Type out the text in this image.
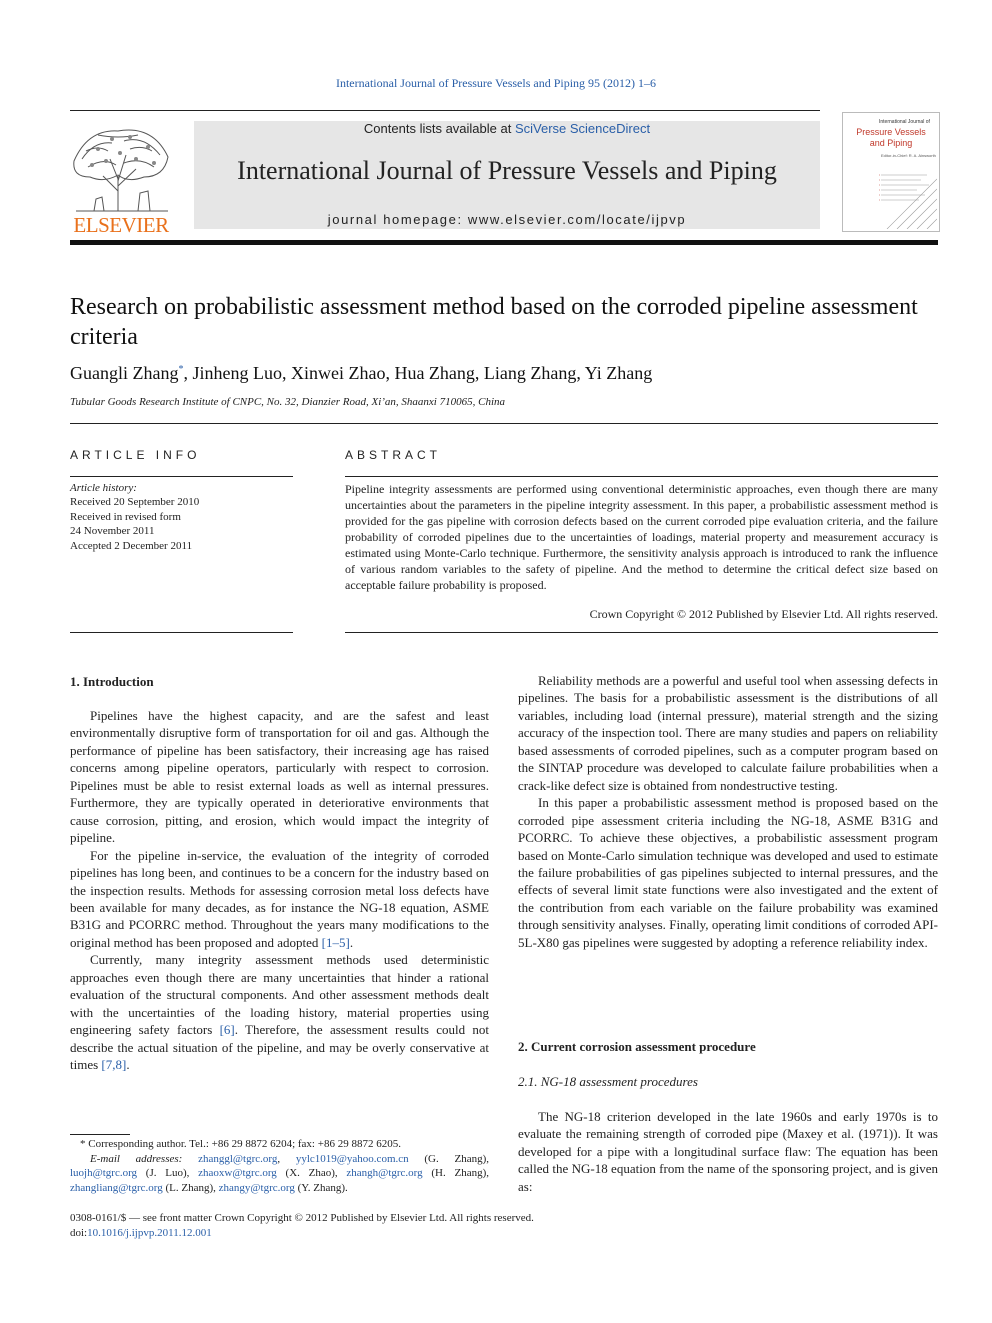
International Journal of Pressure Vessels and Piping 95 (2012) 1–6
ELSEVIER
Contents lists available at SciVerse ScienceDirect
International Journal of Pressure Vessels and Piping
journal homepage: www.elsevier.com/locate/ijpvp
International Journal of
Pressure Vessels and Piping
Editor-in-Chief: R. A. Ainsworth
Research on probabilistic assessment method based on the corroded pipeline assessment criteria
Guangli Zhang*, Jinheng Luo, Xinwei Zhao, Hua Zhang, Liang Zhang, Yi Zhang
Tubular Goods Research Institute of CNPC, No. 32, Dianzier Road, Xi’an, Shaanxi 710065, China
ARTICLE INFO	ABSTRACT
Article history:
Received 20 September 2010
Received in revised form
24 November 2011
Accepted 2 December 2011
Pipeline integrity assessments are performed using conventional deterministic approaches, even though there are many uncertainties about the parameters in the pipeline integrity assessment. In this paper, a probabilistic assessment method is provided for the gas pipeline with corrosion defects based on the current corroded pipe evaluation criteria, and the failure probability of corroded pipelines due to the uncertainties of loadings, material property and measurement accuracy is estimated using Monte-Carlo technique. Furthermore, the sensitivity analysis approach is introduced to rank the influence of various random variables to the safety of pipeline. And the method to determine the critical defect size based on acceptable failure probability is proposed.
Crown Copyright © 2012 Published by Elsevier Ltd. All rights reserved.
1. Introduction

Pipelines have the highest capacity, and are the safest and least environmentally disruptive form of transportation for oil and gas. Although the performance of pipeline has been satisfactory, their increasing age has raised concerns among pipeline operators, particularly with respect to corrosion. Pipelines must be able to resist external loads as well as internal pressures. Furthermore, they are typically operated in deteriorative environments that cause corrosion, pitting, and erosion, which would impact the integrity of pipeline.

For the pipeline in-service, the evaluation of the integrity of corroded pipelines has long been, and continues to be a concern for the industry based on the inspection results. Methods for assessing corrosion metal loss defects have been available for many decades, as for instance the NG-18 equation, ASME B31G and PCORRC method. Throughout the years many modifications to the original method has been proposed and adopted [1–5].

Currently, many integrity assessment methods used deterministic approaches even though there are many uncertainties that hinder a rational evaluation of the structural components. And other assessment methods dealt with the uncertainties of the loading history, material properties using engineering safety factors [6]. Therefore, the assessment results could not describe the actual situation of the pipeline, and may be overly conservative at times [7,8].

Reliability methods are a powerful and useful tool when assessing defects in pipelines. The basis for a probabilistic assessment is the distributions of all variables, including load (internal pressure), material strength and the sizing accuracy of the inspection tool. There are many studies and papers on reliability based assessments of corroded pipelines, such as a computer program based on the SINTAP procedure was developed to calculate failure probabilities when a crack-like defect size is obtained from nondestructive testing.

In this paper a probabilistic assessment method is proposed based on the corroded pipe assessment criteria including the NG-18, ASME B31G and PCORRC. To achieve these objectives, a probabilistic assessment program based on Monte-Carlo simulation technique was developed and used to estimate the failure probabilities of gas pipelines subjected to internal pressures, and the effects of several limit state functions were also investigated and the extent of the contribution from each variable on the failure probability was examined through sensitivity analyses. Finally, operating limit conditions of corroded API-5L-X80 gas pipelines were suggested by adopting a reference reliability index.

2. Current corrosion assessment procedure
2.1. NG-18 assessment procedures

The NG-18 criterion developed in the late 1960s and early 1970s is to evaluate the remaining strength of corroded pipe (Maxey et al. (1971)). It was developed for a pipe with a longitudinal surface flaw: The equation has been called the NG-18 equation from the name of the sponsoring project, and is given as:

* Corresponding author. Tel.: +86 29 8872 6204; fax: +86 29 8872 6205.

E-mail addresses: zhanggl@tgrc.org, yylc1019@yahoo.com.cn (G. Zhang), luojh@tgrc.org (J. Luo), zhaoxw@tgrc.org (X. Zhao), zhangh@tgrc.org (H. Zhang), zhangliang@tgrc.org (L. Zhang), zhangy@tgrc.org (Y. Zhang).

0308-0161/$ — see front matter Crown Copyright © 2012 Published by Elsevier Ltd. All rights reserved.
doi:10.1016/j.ijpvp.2011.12.001
